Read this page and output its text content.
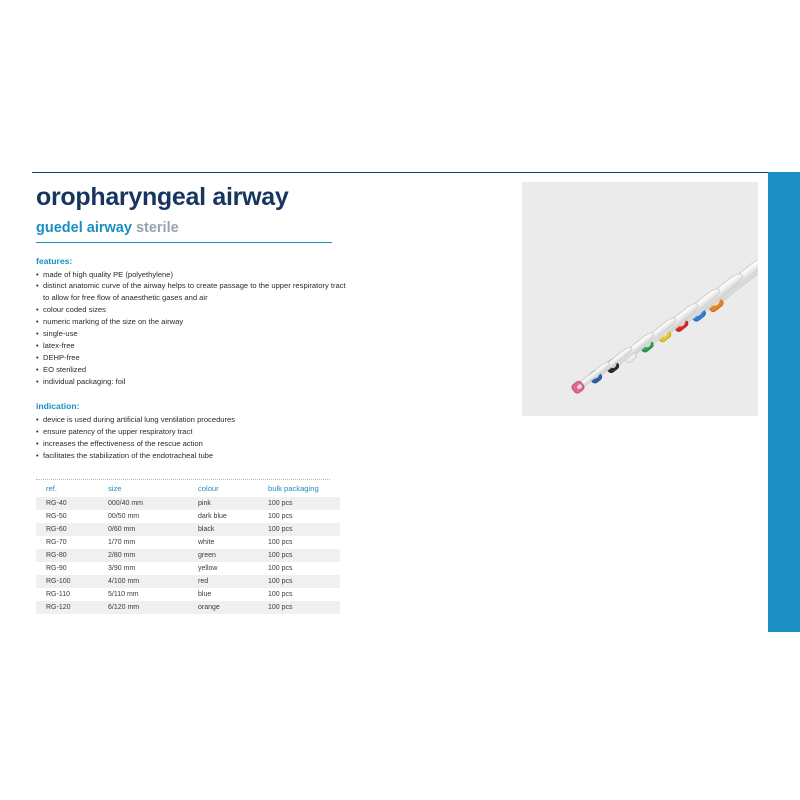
oropharyngeal airway
guedel airway sterile
features:
• made of high quality PE (polyethylene)
• distinct anatomic curve of the airway helps to create passage to the upper respiratory tract to allow for free flow of anaesthetic gases and air
• colour coded sizes
• numeric marking of the size on the airway
• single-use
• latex-free
• DEHP-free
• EO sterilized
• individual packaging: foil
indication:
• device is used during artificial lung ventilation procedures
• ensure patency of the upper respiratory tract
• increases the effectiveness of the rescue action
• facilitates the stabilization of the endotracheal tube
ref.	size	colour	bulk packaging
RG-40	000/40 mm	pink	100 pcs
RG-50	00/50 mm	dark blue	100 pcs
RG-60	0/60 mm	black	100 pcs
RG-70	1/70 mm	white	100 pcs
RG-80	2/80 mm	green	100 pcs
RG-90	3/90 mm	yellow	100 pcs
RG-100	4/100 mm	red	100 pcs
RG-110	5/110 mm	blue	100 pcs
RG-120	6/120 mm	orange	100 pcs
